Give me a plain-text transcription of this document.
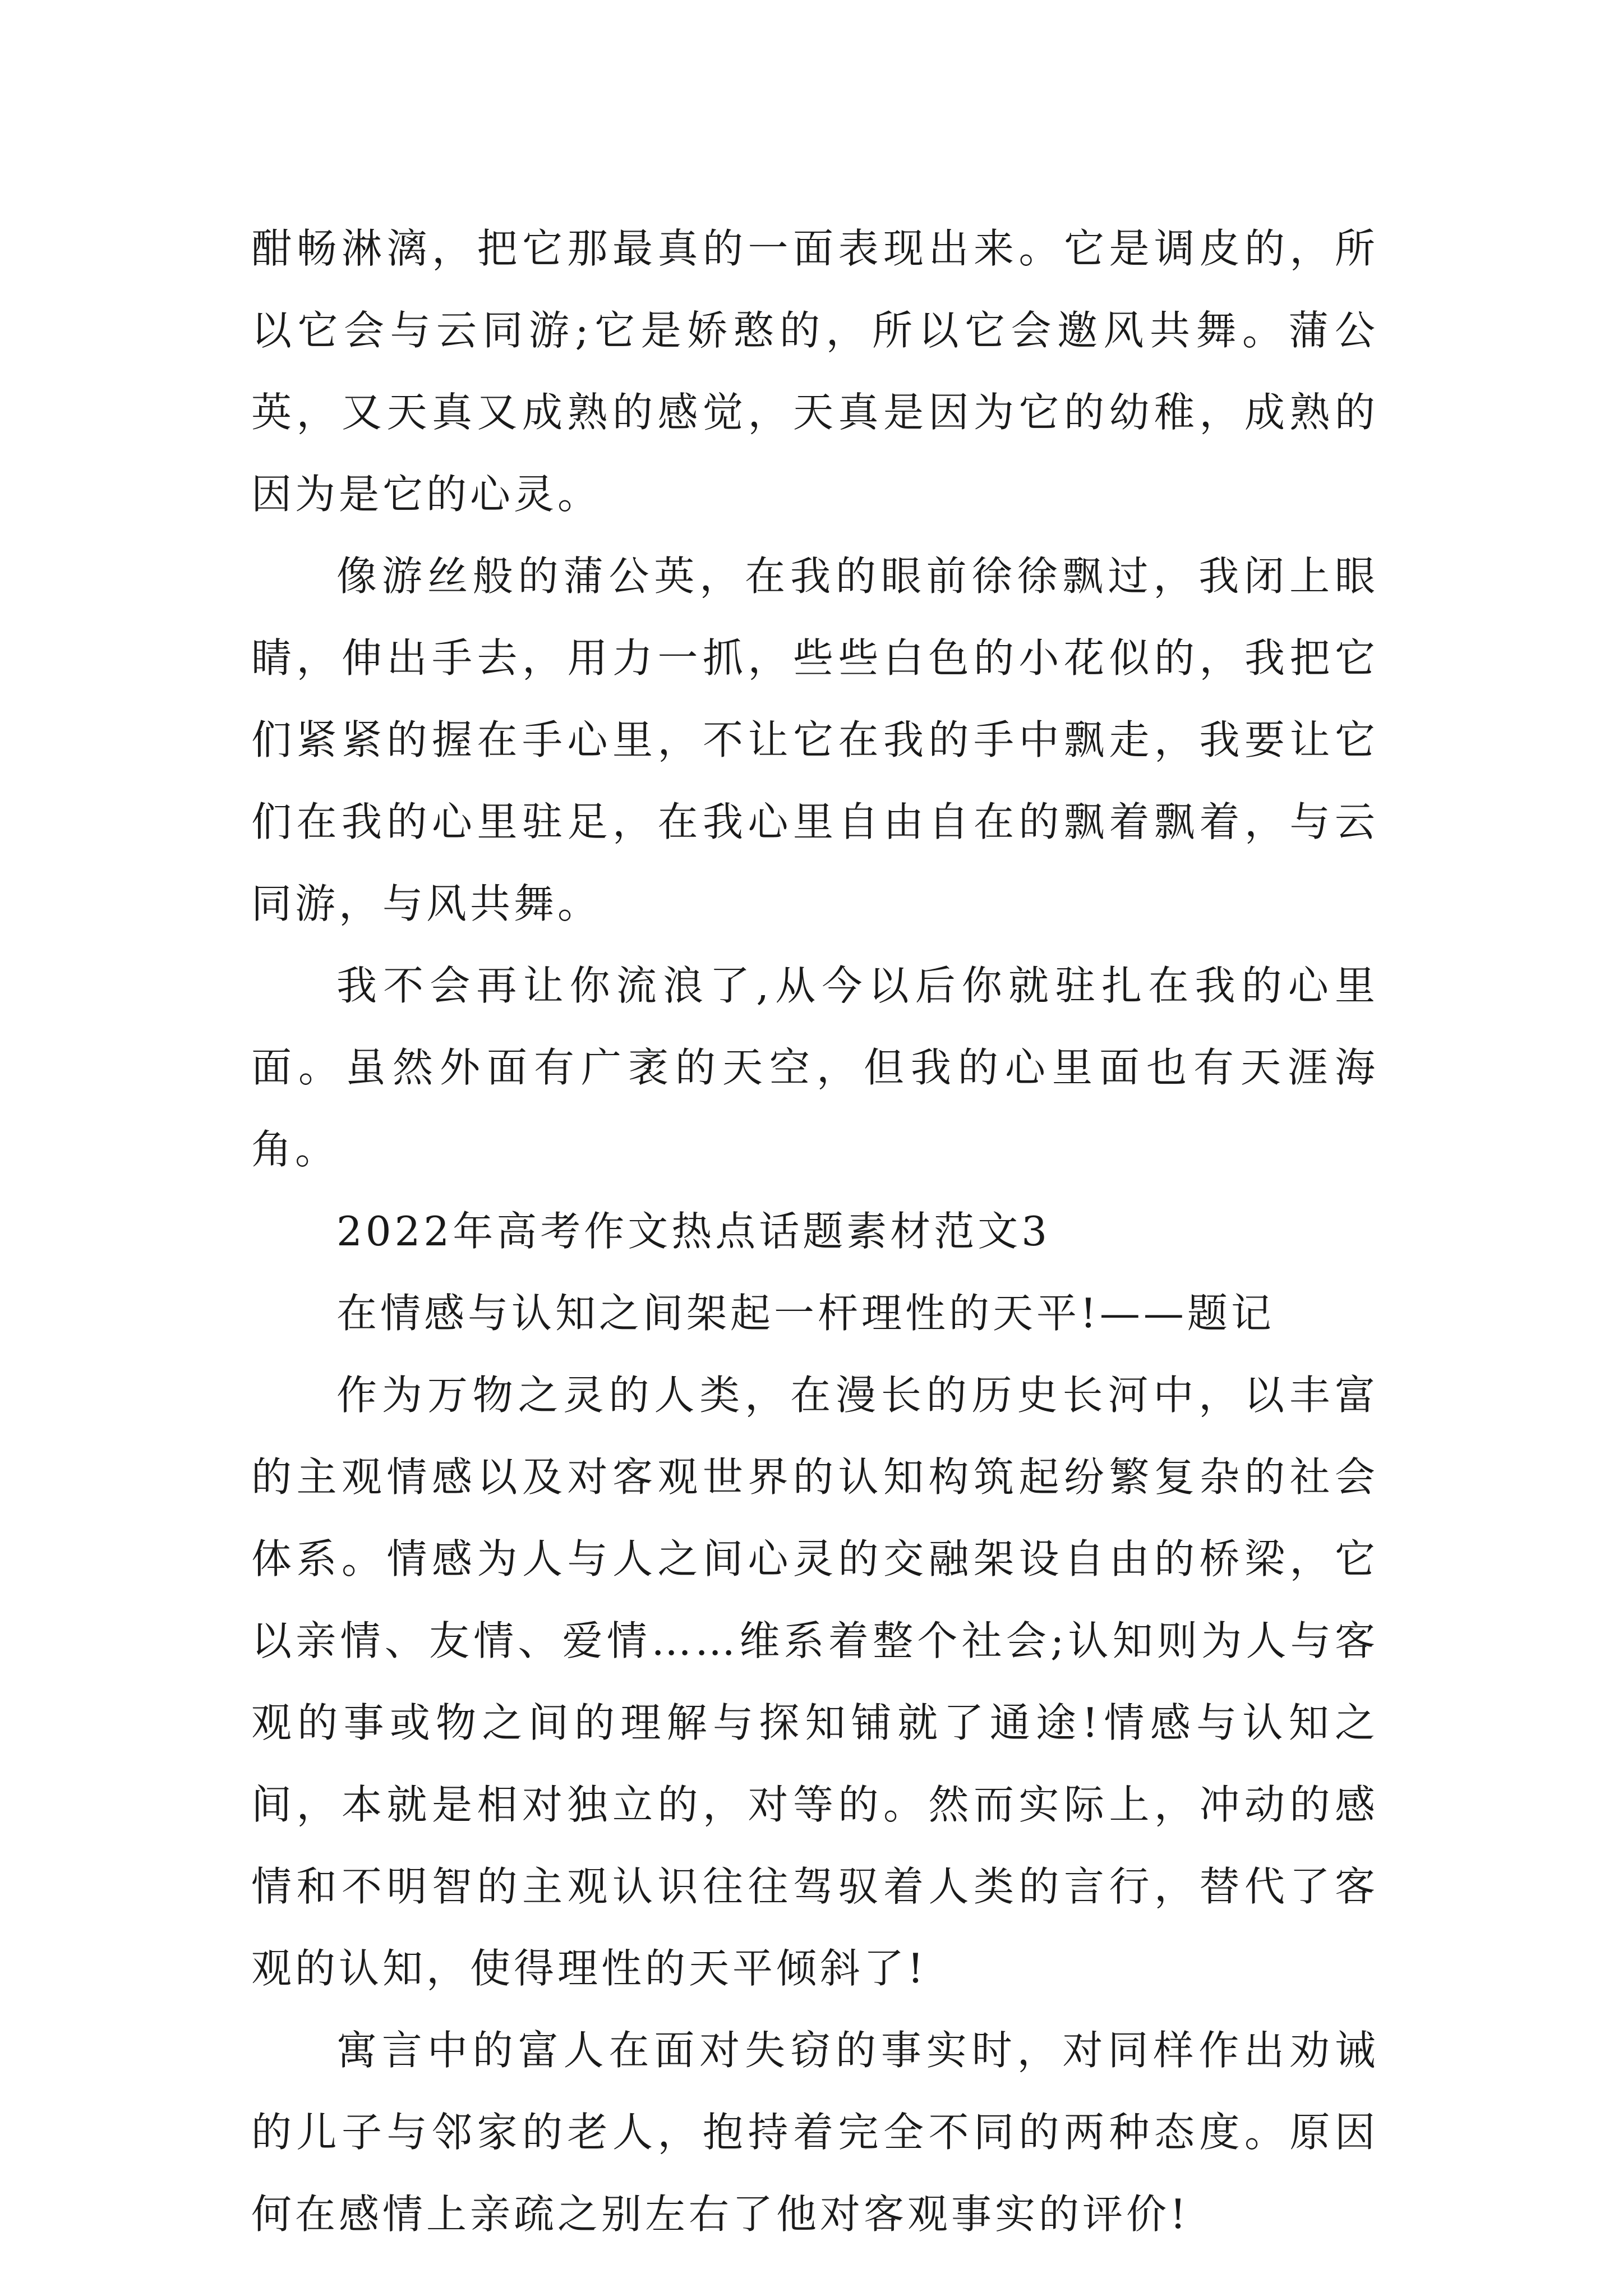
酣畅淋漓，把它那最真的一面表现出来。它是调皮的，所以它会与云同游;它是娇憨的，所以它会邀风共舞。蒲公英，又天真又成熟的感觉，天真是因为它的幼稚，成熟的因为是它的心灵。

像游丝般的蒲公英，在我的眼前徐徐飘过，我闭上眼睛，伸出手去，用力一抓，些些白色的小花似的，我把它们紧紧的握在手心里，不让它在我的手中飘走，我要让它们在我的心里驻足，在我心里自由自在的飘着飘着，与云同游，与风共舞。

我不会再让你流浪了,从今以后你就驻扎在我的心里面。虽然外面有广袤的天空，但我的心里面也有天涯海角。

2022年高考作文热点话题素材范文3

在情感与认知之间架起一杆理性的天平!——题记

作为万物之灵的人类，在漫长的历史长河中，以丰富的主观情感以及对客观世界的认知构筑起纷繁复杂的社会体系。情感为人与人之间心灵的交融架设自由的桥梁，它以亲情、友情、爱情……维系着整个社会;认知则为人与客观的事或物之间的理解与探知铺就了通途!情感与认知之间，本就是相对独立的，对等的。然而实际上，冲动的感情和不明智的主观认识往往驾驭着人类的言行，替代了客观的认知，使得理性的天平倾斜了!

寓言中的富人在面对失窃的事实时，对同样作出劝诫的儿子与邻家的老人，抱持着完全不同的两种态度。原因何在感情上亲疏之别左右了他对客观事实的评价!
